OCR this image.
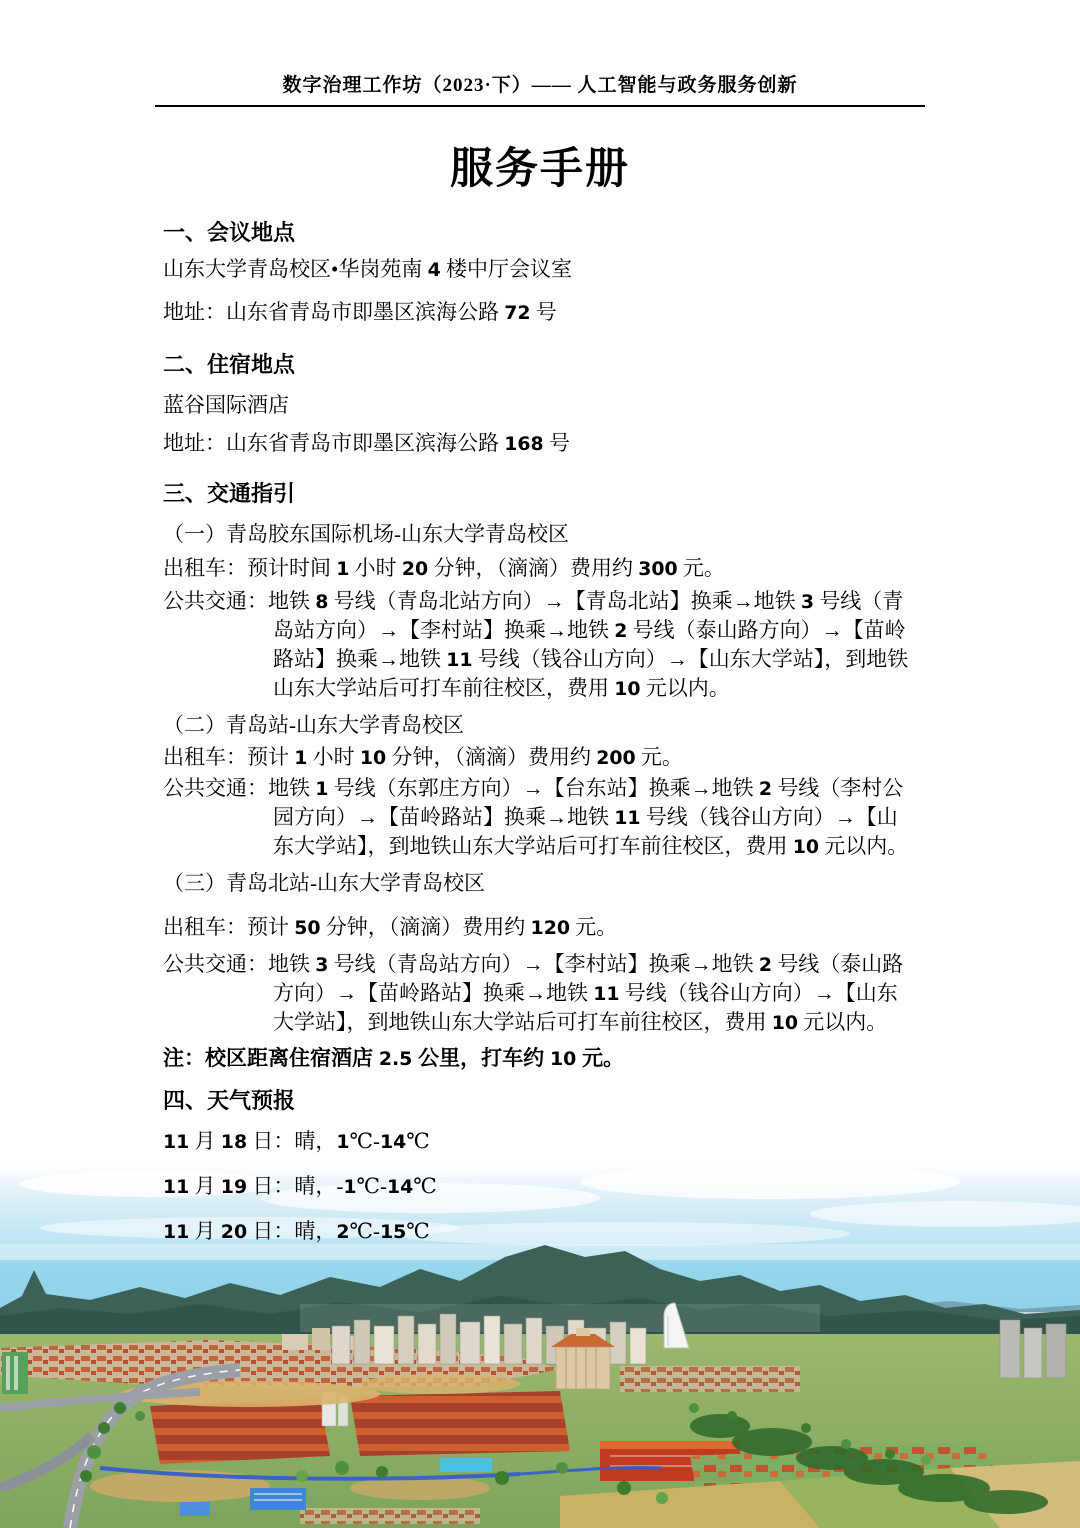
数字治理工作坊（2023·下）—— 人工智能与政务服务创新
服务手册
一、会议地点
山东大学青岛校区•华岗苑南 4 楼中厅会议室
地址：山东省青岛市即墨区滨海公路 72 号
二、住宿地点
蓝谷国际酒店
地址：山东省青岛市即墨区滨海公路 168 号
三、交通指引
（一）青岛胶东国际机场-山东大学青岛校区
出租车：预计时间 1 小时 20 分钟，（滴滴）费用约 300 元。
公共交通：地铁 8 号线（青岛北站方向）→【青岛北站】换乘→地铁 3 号线（青
岛站方向）→【李村站】换乘→地铁 2 号线（泰山路方向）→【苗岭
路站】换乘→地铁 11 号线（钱谷山方向）→【山东大学站】，到地铁
山东大学站后可打车前往校区，费用 10 元以内。
（二）青岛站-山东大学青岛校区
出租车：预计 1 小时 10 分钟，（滴滴）费用约 200 元。
公共交通：地铁 1 号线（东郭庄方向）→【台东站】换乘→地铁 2 号线（李村公
园方向）→【苗岭路站】换乘→地铁 11 号线（钱谷山方向）→【山
东大学站】，到地铁山东大学站后可打车前往校区，费用 10 元以内。
（三）青岛北站-山东大学青岛校区
出租车：预计 50 分钟，（滴滴）费用约 120 元。
公共交通：地铁 3 号线（青岛站方向）→【李村站】换乘→地铁 2 号线（泰山路
方向）→【苗岭路站】换乘→地铁 11 号线（钱谷山方向）→【山东
大学站】，到地铁山东大学站后可打车前往校区，费用 10 元以内。
注：校区距离住宿酒店 2.5 公里，打车约 10 元。
四、天气预报
11 月 18 日：晴，1℃-14℃
11 月 19 日：晴，-1℃-14℃
11 月 20 日：晴，2℃-15℃
